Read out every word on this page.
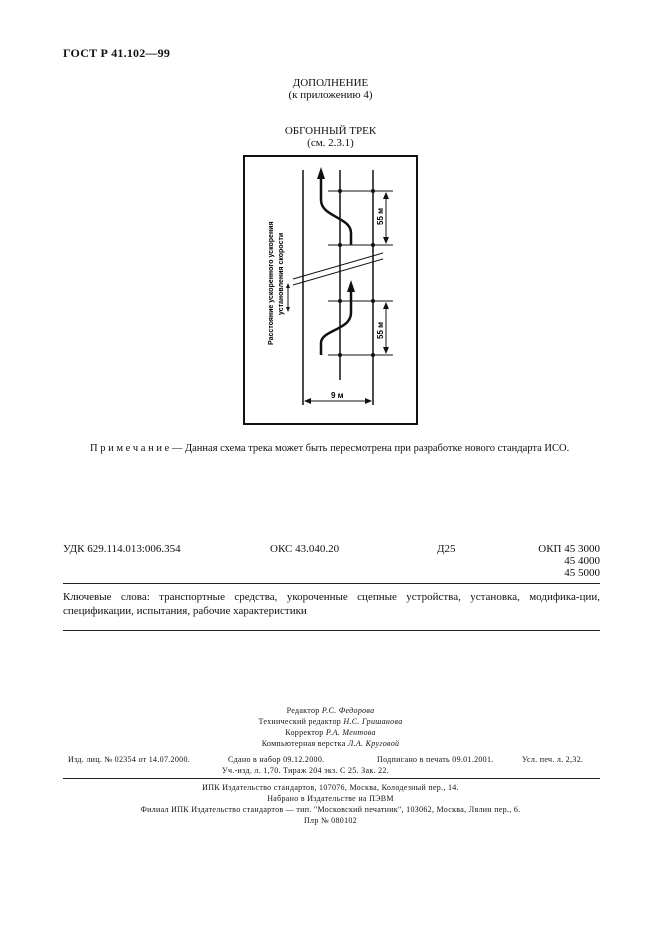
ГОСТ Р 41.102—99
ДОПОЛНЕНИЕ
(к приложению 4)
ОБГОННЫЙ ТРЕК
(см. 2.3.1)
55 м
55 м
9 м
Расстояние ускоренного ускорения установления скорости
П р и м е ч а н и е — Данная схема трека может быть пересмотрена при разработке нового стандарта ИСО.
УДК 629.114.013:006.354	ОКС 43.040.20	Д25	ОКП 45 3000
45 4000
45 5000
Ключевые слова: транспортные средства, укороченные сцепные устройства, установка, модифика-ции, спецификации, испытания, рабочие характеристики
Редактор Р.С. Федорова
Технический редактор Н.С. Гришанова
Корректор Р.А. Ментова
Компьютерная верстка Л.А. Круговой
Изд. лиц. № 02354 от 14.07.2000.	Сдано в набор 09.12.2000.	Подписано в печать 09.01.2001.	Усл. печ. л. 2,32.
Уч.-изд. л. 1,70. Тираж 204 экз. С 25. Зак. 22.
ИПК Издательство стандартов, 107076, Москва, Колодезный пер., 14.
Набрано в Издательстве на ПЭВМ
Филиал ИПК Издательство стандартов — тип. "Московский печатник", 103062, Москва, Лялин пер., 6.
Плр № 080102
